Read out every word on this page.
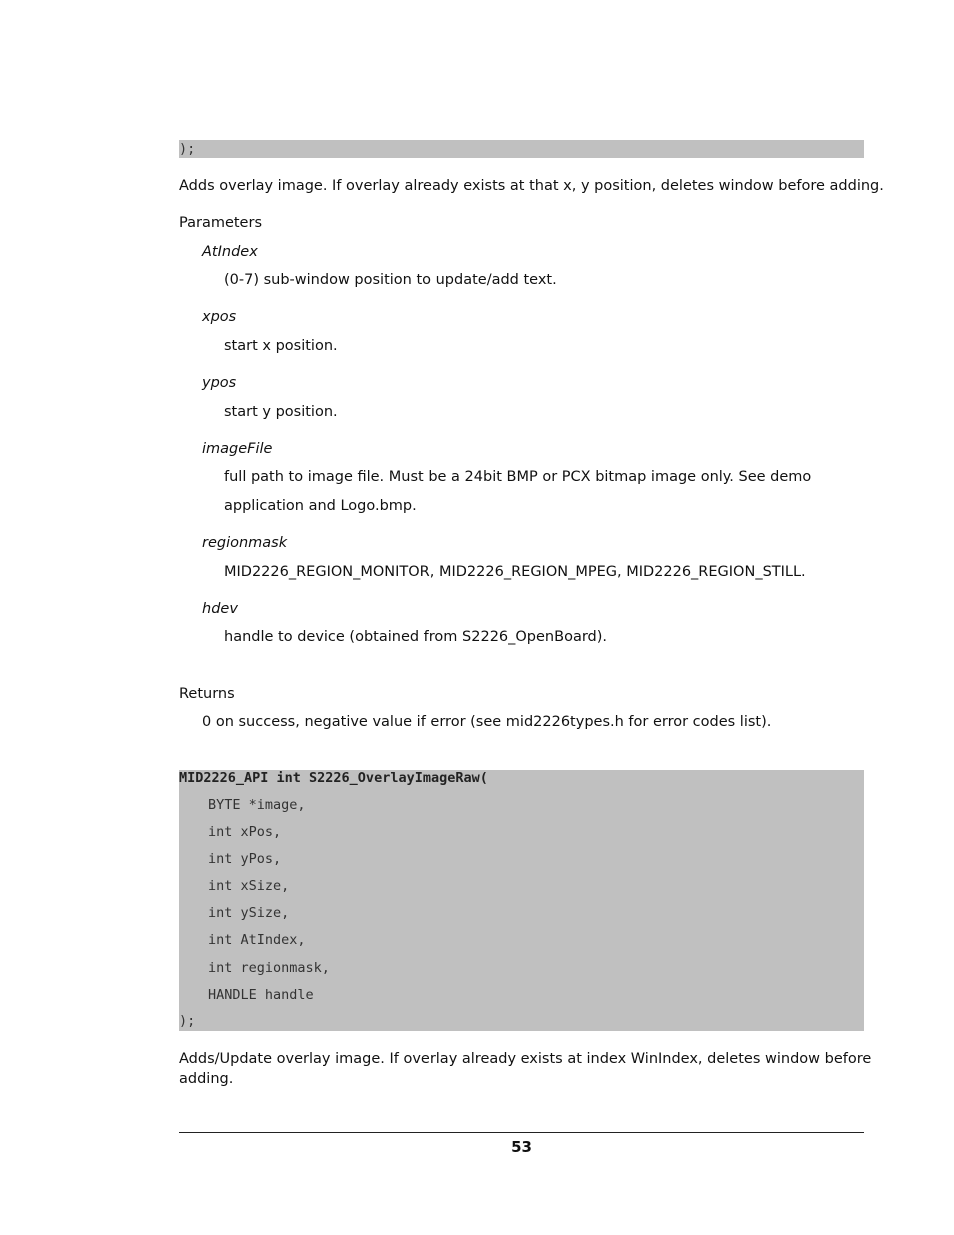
);
Adds overlay image. If overlay already exists at that x, y position, deletes window before adding.
Parameters
AtIndex
(0-7) sub-window position to update/add text.
xpos
start x position.
ypos
start y position.
imageFile
full path to image file. Must be a 24bit BMP or PCX bitmap image only. See demo
application and Logo.bmp.
regionmask
MID2226_REGION_MONITOR, MID2226_REGION_MPEG, MID2226_REGION_STILL.
hdev
handle to device (obtained from S2226_OpenBoard).
Returns
0 on success, negative value if error (see mid2226types.h for error codes list).
MID2226_API int S2226_OverlayImageRaw(
BYTE *image,
int xPos,
int yPos,
int xSize,
int ySize,
int AtIndex,
int regionmask,
HANDLE handle
);
Adds/Update overlay image. If overlay already exists at index WinIndex, deletes window before
adding.
53
